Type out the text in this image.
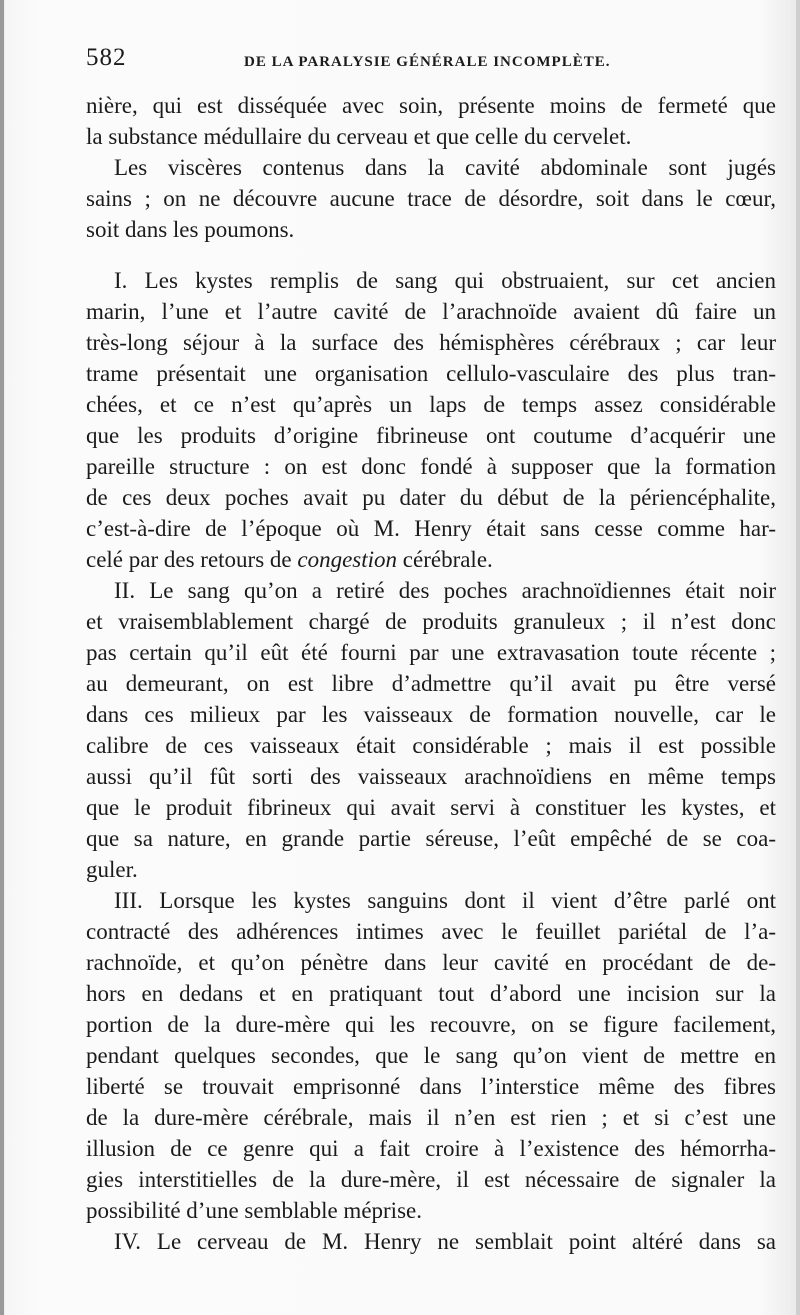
582	DE LA PARALYSIE GÉNÉRALE INCOMPLÈTE.
nière, qui est disséquée avec soin, présente moins de fermeté que
la substance médullaire du cerveau et que celle du cervelet.
Les viscères contenus dans la cavité abdominale sont jugés
sains ; on ne découvre aucune trace de désordre, soit dans le cœur,
soit dans les poumons.
I. Les kystes remplis de sang qui obstruaient, sur cet ancien
marin, l’une et l’autre cavité de l’arachnoïde avaient dû faire un
très-long séjour à la surface des hémisphères cérébraux ; car leur
trame présentait une organisation cellulo-vasculaire des plus tran-
chées, et ce n’est qu’après un laps de temps assez considérable
que les produits d’origine fibrineuse ont coutume d’acquérir une
pareille structure : on est donc fondé à supposer que la formation
de ces deux poches avait pu dater du début de la périencéphalite,
c’est-à-dire de l’époque où M. Henry était sans cesse comme har-
celé par des retours de congestion cérébrale.
II. Le sang qu’on a retiré des poches arachnoïdiennes était noir
et vraisemblablement chargé de produits granuleux ; il n’est donc
pas certain qu’il eût été fourni par une extravasation toute récente ;
au demeurant, on est libre d’admettre qu’il avait pu être versé
dans ces milieux par les vaisseaux de formation nouvelle, car le
calibre de ces vaisseaux était considérable ; mais il est possible
aussi qu’il fût sorti des vaisseaux arachnoïdiens en même temps
que le produit fibrineux qui avait servi à constituer les kystes, et
que sa nature, en grande partie séreuse, l’eût empêché de se coa-
guler.
III. Lorsque les kystes sanguins dont il vient d’être parlé ont
contracté des adhérences intimes avec le feuillet pariétal de l’a-
rachnoïde, et qu’on pénètre dans leur cavité en procédant de de-
hors en dedans et en pratiquant tout d’abord une incision sur la
portion de la dure-mère qui les recouvre, on se figure facilement,
pendant quelques secondes, que le sang qu’on vient de mettre en
liberté se trouvait emprisonné dans l’interstice même des fibres
de la dure-mère cérébrale, mais il n’en est rien ; et si c’est une
illusion de ce genre qui a fait croire à l’existence des hémorrha-
gies interstitielles de la dure-mère, il est nécessaire de signaler la
possibilité d’une semblable méprise.
IV. Le cerveau de M. Henry ne semblait point altéré dans sa
